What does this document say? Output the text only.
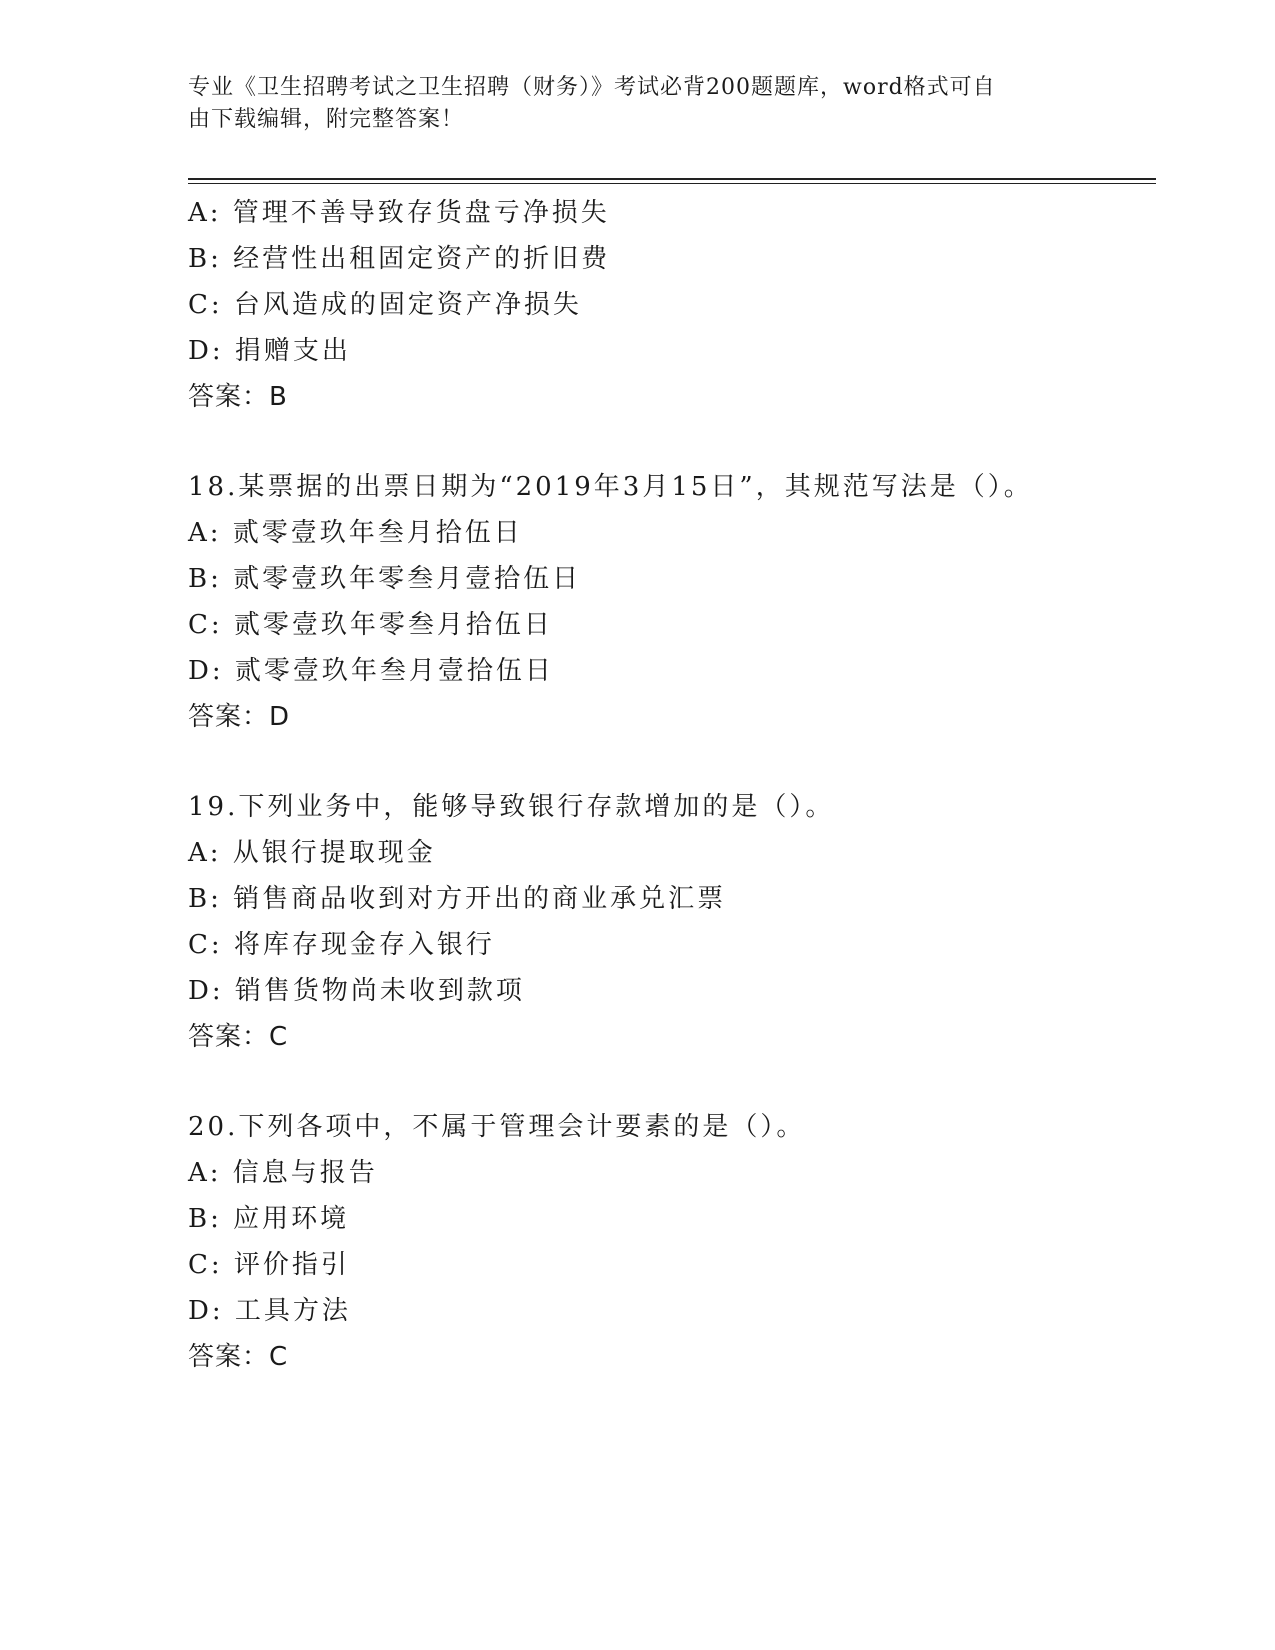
专业《卫生招聘考试之卫生招聘（财务）》考试必背200题题库，word格式可自
由下载编辑，附完整答案！
A: 管理不善导致存货盘亏净损失
B: 经营性出租固定资产的折旧费
C: 台风造成的固定资产净损失
D: 捐赠支出
答案：B
18.某票据的出票日期为“2019年3月15日”，其规范写法是（）。
A: 贰零壹玖年叁月拾伍日
B: 贰零壹玖年零叁月壹拾伍日
C: 贰零壹玖年零叁月拾伍日
D: 贰零壹玖年叁月壹拾伍日
答案：D
19.下列业务中，能够导致银行存款增加的是（）。
A: 从银行提取现金
B: 销售商品收到对方开出的商业承兑汇票
C: 将库存现金存入银行
D: 销售货物尚未收到款项
答案：C
20.下列各项中，不属于管理会计要素的是（）。
A: 信息与报告
B: 应用环境
C: 评价指引
D: 工具方法
答案：C
